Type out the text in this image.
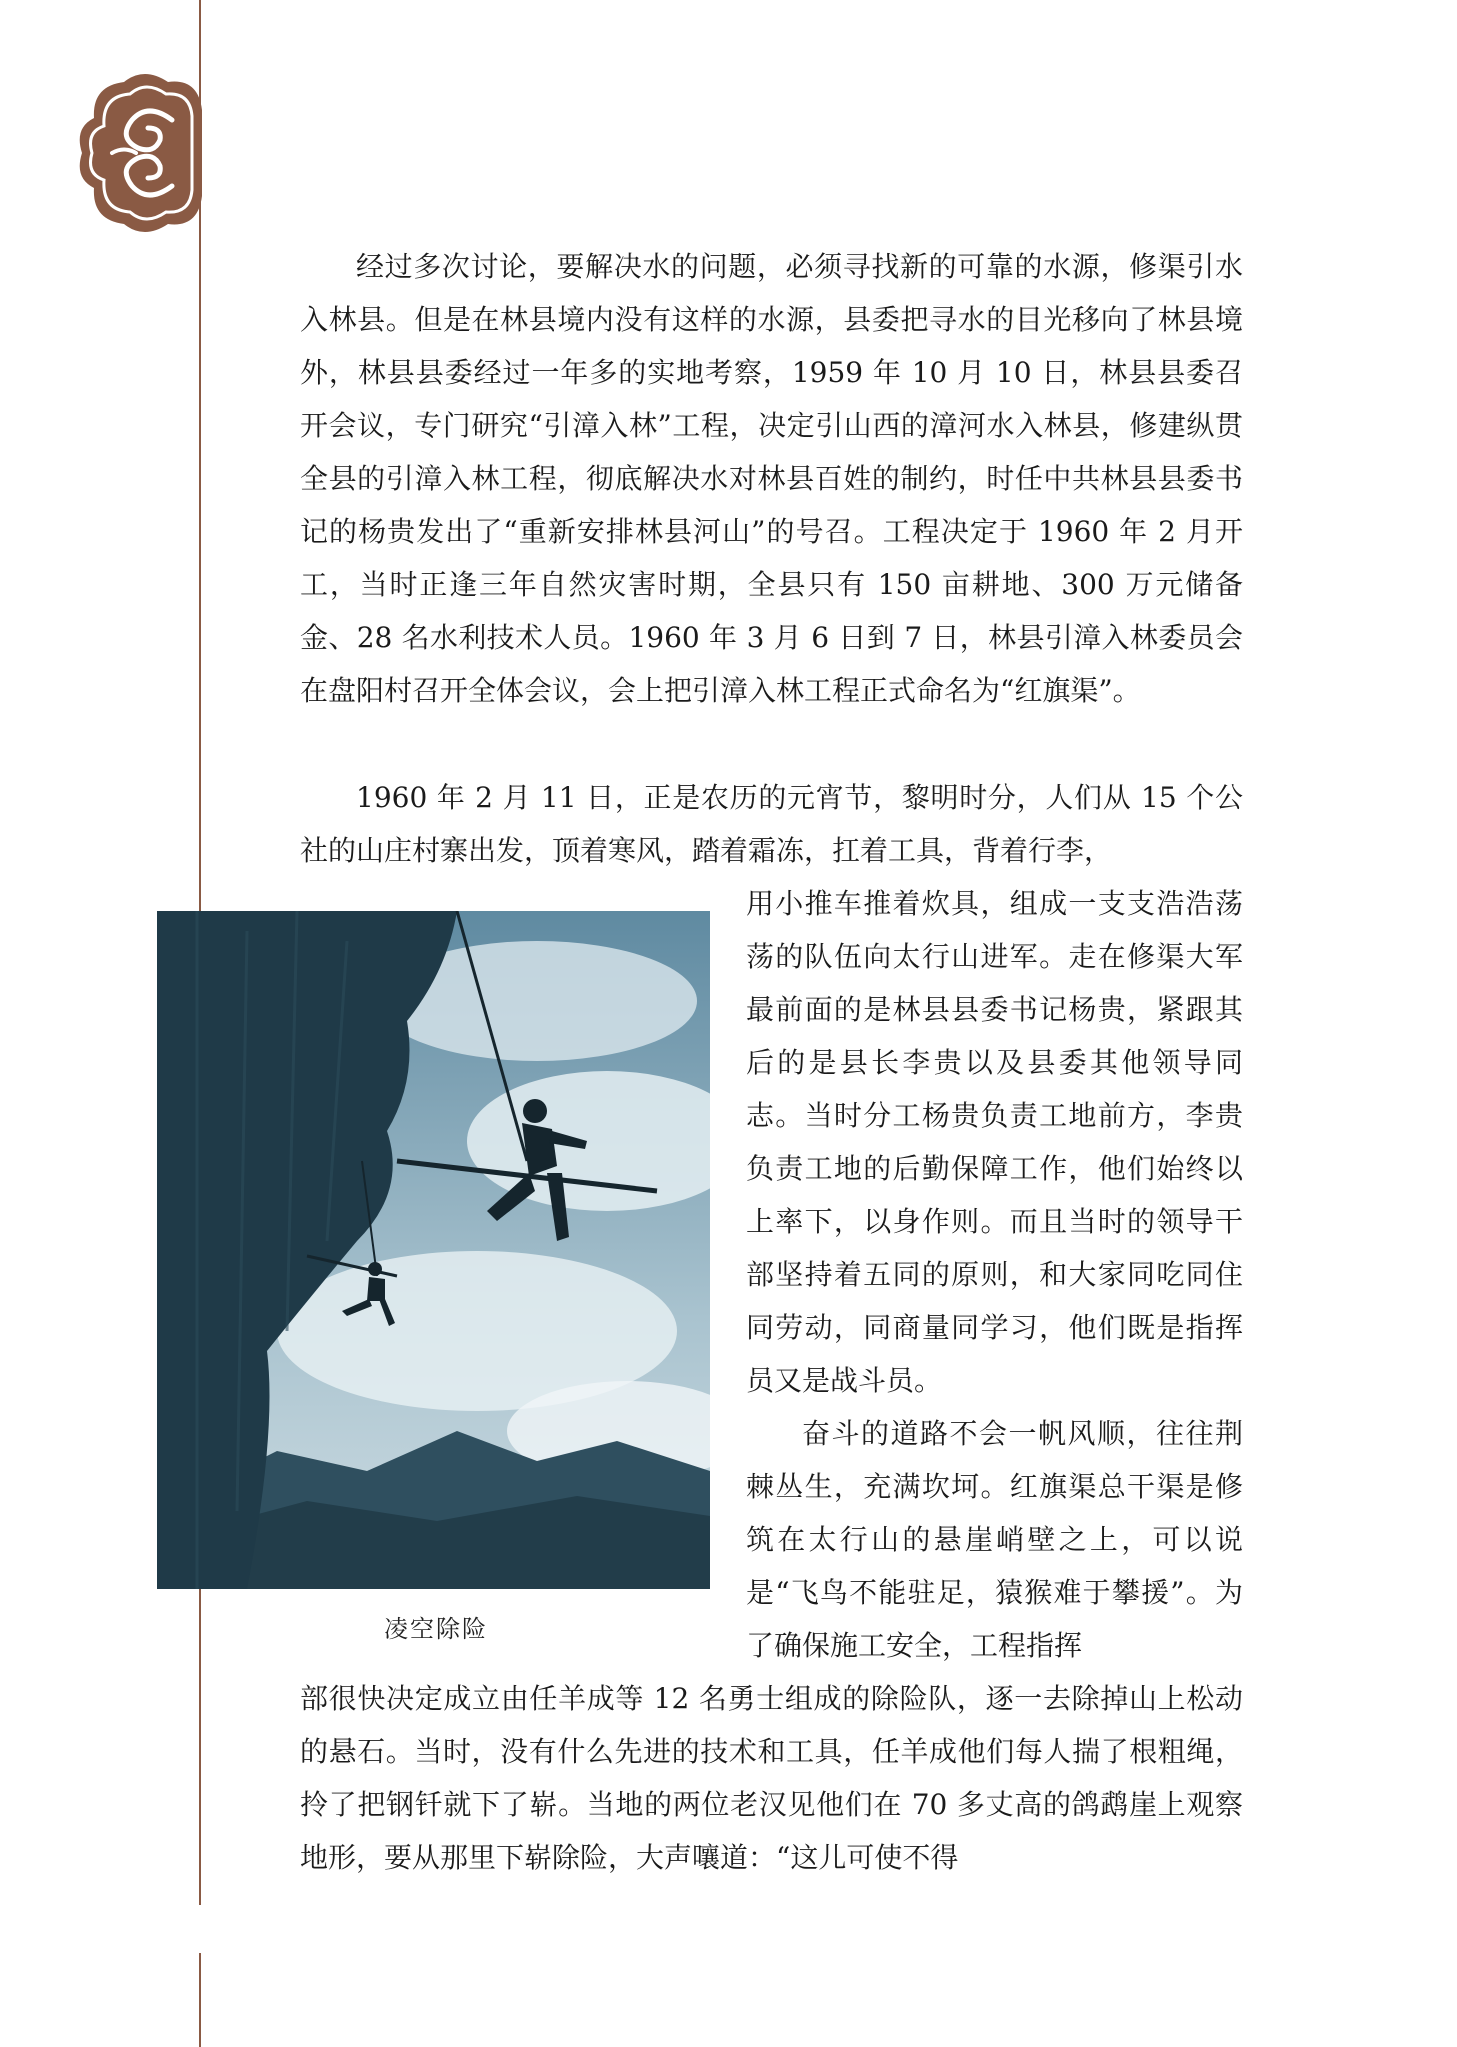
经过多次讨论，要解决水的问题，必须寻找新的可靠的水源，修渠引水入林县。但是在林县境内没有这样的水源，县委把寻水的目光移向了林县境外，林县县委经过一年多的实地考察，1959 年 10 月 10 日，林县县委召开会议，专门研究“引漳入林”工程，决定引山西的漳河水入林县，修建纵贯全县的引漳入林工程，彻底解决水对林县百姓的制约，时任中共林县县委书记的杨贵发出了“重新安排林县河山”的号召。工程决定于 1960 年 2 月开工，当时正逢三年自然灾害时期，全县只有 150 亩耕地、300 万元储备金、28 名水利技术人员。1960 年 3 月 6 日到 7 日，林县引漳入林委员会在盘阳村召开全体会议，会上把引漳入林工程正式命名为“红旗渠”。

1960 年 2 月 11 日，正是农历的元宵节，黎明时分，人们从 15 个公社的山庄村寨出发，顶着寒风，踏着霜冻，扛着工具，背着行李，

用小推车推着炊具，组成一支支浩浩荡荡的队伍向太行山进军。走在修渠大军最前面的是林县县委书记杨贵，紧跟其后的是县长李贵以及县委其他领导同志。当时分工杨贵负责工地前方，李贵负责工地的后勤保障工作，他们始终以上率下，以身作则。而且当时的领导干部坚持着五同的原则，和大家同吃同住同劳动，同商量同学习，他们既是指挥员又是战斗员。

奋斗的道路不会一帆风顺，往往荆棘丛生，充满坎坷。红旗渠总干渠是修筑在太行山的悬崖峭壁之上，可以说是“飞鸟不能驻足，猿猴难于攀援”。为了确保施工安全，工程指挥

部很快决定成立由任羊成等 12 名勇士组成的除险队，逐一去除掉山上松动的悬石。当时，没有什么先进的技术和工具，任羊成他们每人揣了根粗绳，拎了把钢钎就下了崭。当地的两位老汉见他们在 70 多丈高的鸽鹉崖上观察地形，要从那里下崭除险，大声嚷道：“这儿可使不得

凌空除险
